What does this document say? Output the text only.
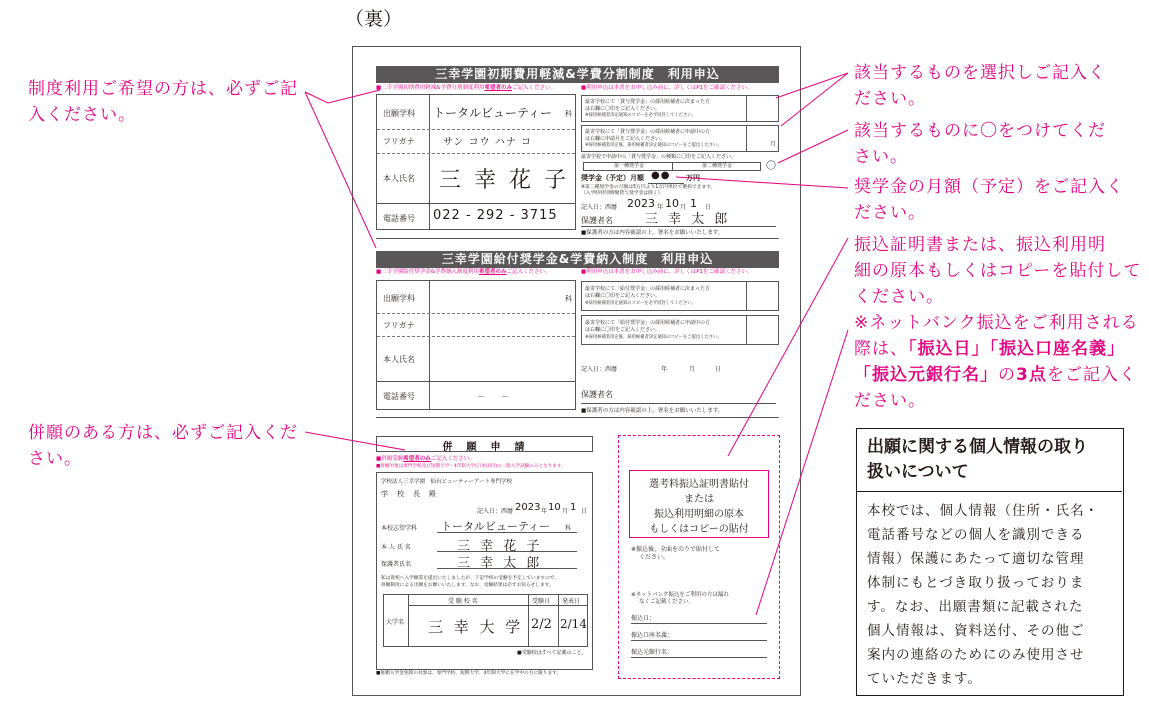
（裏）
三幸学園初期費用軽減&学費分割制度　利用申込
■三幸学園初期費用軽減&学費分割制度利用希望者のみご記入ください。	■利用申込は本書をお申し込み前に、詳しくはP1をご確認ください。
出願学科 トータルビューティー 科
フリガナ	サン コウ ハナ コ
本人氏名 三 幸 花 子
電話番号 022 - 292 - 3715
最寄学校にて「貸与奨学金」の採用候補者に決まった方
は右欄に〇印をご記入ください。
※採用候補者決定通知のコピーを必ず同封してください。
最寄学校にて「貸与奨学金」の採用候補者に申請中の方
は右欄に申請月をご記入ください。
※採用候補者決定後、採用候補者決定通知のコピーをご提出ください。	月
最寄学校で申請中の「貸与奨学金」の種類に〇印をご記入ください。
第一種奨学金	第二種奨学金	〇
奨学金（予定）月額 ●● 万円
※第二種奨学金の月額は5万円より1万円単位で選択できます。
（入学時特別増額貸与奨学金は除く）
記入日：西暦 2023 年 10 月 1 日
保護者名 三 幸 太 郎
■保護者の方は内容確認の上、署名をお願いいたします。
三幸学園給付奨学金&学費納入制度　利用申込
■三幸学園給付奨学金&学費納入制度利用希望者のみご記入ください。	■利用申込は本書をお申し込み前に、詳しくはP1をご確認ください。
出願学科	科
フリガナ
本人氏名
電話番号	－　　－
最寄学校にて「給付奨学金」の採用候補者に決まった方
は右欄に〇印をご記入ください。
※採用候補者決定通知のコピーを必ず同封してください。
最寄学校にて「給付奨学金」の採用候補者に申請中の方
は右欄に〇印をご記入ください。
※採用候補者決定後、採用候補者決定通知のコピーをご提出ください。
記入日：西暦	年	月	日
保護者名
■保護者の方は内容確認の上、署名をお願いいたします。
併　願　申　請
■併願受験希望者のみご記入ください。
■併願対象は専門学校及び短期大学・4年制大学(日本国内)の一般入学試験のみとなります。
学校法人三幸学園　仙台ビューティーアート専門学校
学　校　長　殿
記入日：西暦 2023 年 10 月 1 日
本校志望学科 トータルビューティー 科
本 人 氏 名	三 幸 花 子
保護者氏名	三 幸 太 郎
私は貴校へ入学願書を提出いたしましたが、下記学校の受験を予定していますので、
併願制度による出願をお願いいたします。なお、受験結果は必ずお知らせします。
大学名
受 験 校 名	受験日 発表日
三 幸 大 学 2/2 2/14
■受験校はすべて記載のこと。
■併願入学金免除の対象は、専門学校、短期大学、4年制大学に在学中の方に限ります。
選考料振込証明書貼付
または
振込利用明細の原本
もしくはコピーの貼付
※振込後、全面をのりで貼付して
ください。
※ネットバンク振込をご利用の方は漏れ
なくご記載ください。
振込日：
振込口座名義：
振込元銀行名：
制度利用ご希望の方は、必ずご記
入ください。
併願のある方は、必ずご記入くだ
さい。
該当するものを選択しご記入く
ださい。
該当するものに〇をつけてくだ
さい。
奨学金の月額（予定）をご記入く
ださい。
振込証明書または、振込利用明
細の原本もしくはコピーを貼付して
ください。
※ネットバンク振込をご利用される
際は、「振込日」「振込口座名義」
「振込元銀行名」の3点をご記入く
ださい。
出願に関する個人情報の取り
扱いについて
本校では、個人情報（住所・氏名・
電話番号などの個人を識別できる
情報）保護にあたって適切な管理
体制にもとづき取り扱っておりま
す。なお、出願書類に記載された
個人情報は、資料送付、その他ご
案内の連絡のためにのみ使用させ
ていただきます。
